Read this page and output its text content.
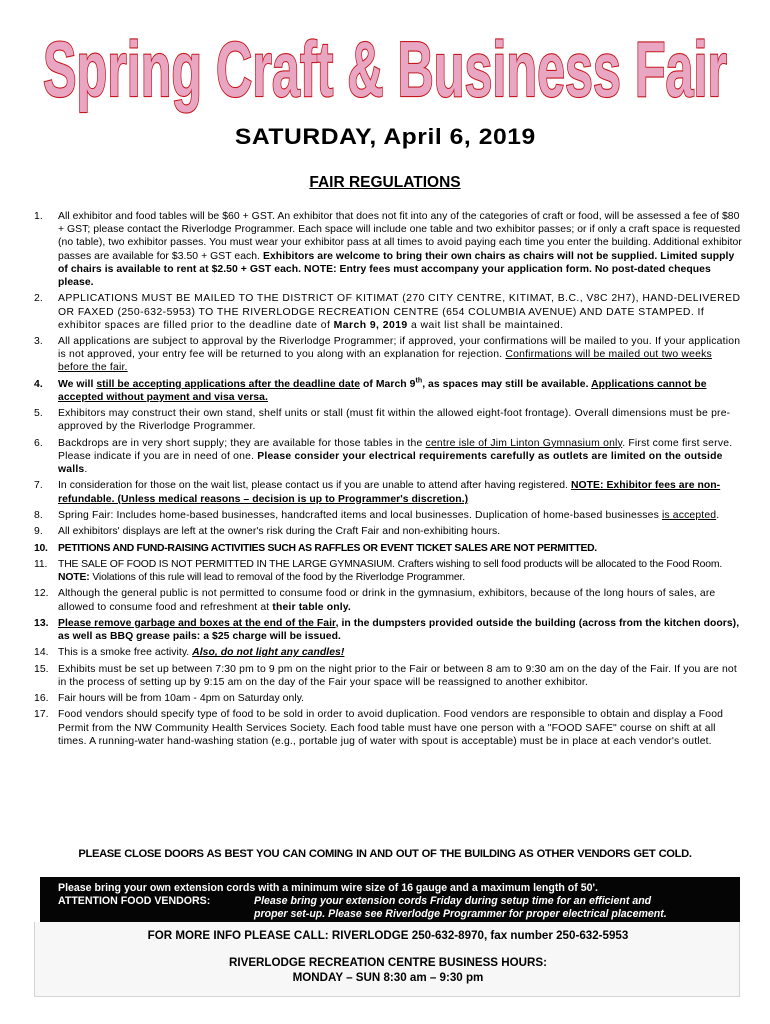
Spring Craft & Business Fair
SATURDAY, April 6, 2019
FAIR REGULATIONS
1.	All exhibitor and food tables will be $60 + GST. An exhibitor that does not fit into any of the categories of craft or food, will be assessed a fee of $80 + GST; please contact the Riverlodge Programmer. Each space will include one table and two exhibitor passes; or if only a craft space is requested (no table), two exhibitor passes. You must wear your exhibitor pass at all times to avoid paying each time you enter the building. Additional exhibitor passes are available for $3.50 + GST each. Exhibitors are welcome to bring their own chairs as chairs will not be supplied. Limited supply of chairs is available to rent at $2.50 + GST each. NOTE: Entry fees must accompany your application form. No post-dated cheques please.
2.	APPLICATIONS MUST BE MAILED TO THE DISTRICT OF KITIMAT (270 CITY CENTRE, KITIMAT, B.C., V8C 2H7), HAND-DELIVERED OR FAXED (250-632-5953) TO THE RIVERLODGE RECREATION CENTRE (654 COLUMBIA AVENUE) AND DATE STAMPED. If exhibitor spaces are filled prior to the deadline date of March 9, 2019 a wait list shall be maintained.
3.	All applications are subject to approval by the Riverlodge Programmer; if approved, your confirmations will be mailed to you. If your application is not approved, your entry fee will be returned to you along with an explanation for rejection. Confirmations will be mailed out two weeks before the fair.
4.	We will still be accepting applications after the deadline date of March 9th, as spaces may still be available. Applications cannot be accepted without payment and visa versa.
5.	Exhibitors may construct their own stand, shelf units or stall (must fit within the allowed eight-foot frontage). Overall dimensions must be pre-approved by the Riverlodge Programmer.
6.	Backdrops are in very short supply; they are available for those tables in the centre isle of Jim Linton Gymnasium only. First come first serve. Please indicate if you are in need of one. Please consider your electrical requirements carefully as outlets are limited on the outside walls.
7.	In consideration for those on the wait list, please contact us if you are unable to attend after having registered. NOTE: Exhibitor fees are non-refundable. (Unless medical reasons – decision is up to Programmer's discretion.)
8.	Spring Fair: Includes home-based businesses, handcrafted items and local businesses. Duplication of home-based businesses is accepted.
9.	All exhibitors' displays are left at the owner's risk during the Craft Fair and non-exhibiting hours.
10.	PETITIONS AND FUND-RAISING ACTIVITIES SUCH AS RAFFLES OR EVENT TICKET SALES ARE NOT PERMITTED.
11.	THE SALE OF FOOD IS NOT PERMITTED IN THE LARGE GYMNASIUM. Crafters wishing to sell food products will be allocated to the Food Room. NOTE: Violations of this rule will lead to removal of the food by the Riverlodge Programmer.
12. Although the general public is not permitted to consume food or drink in the gymnasium, exhibitors, because of the long hours of sales, are allowed to consume food and refreshment at their table only.
13. Please remove garbage and boxes at the end of the Fair, in the dumpsters provided outside the building (across from the kitchen doors), as well as BBQ grease pails: a $25 charge will be issued.
14. This is a smoke free activity. Also, do not light any candles!
15. Exhibits must be set up between 7:30 pm to 9 pm on the night prior to the Fair or between 8 am to 9:30 am on the day of the Fair. If you are not in the process of setting up by 9:15 am on the day of the Fair your space will be reassigned to another exhibitor.
16. Fair hours will be from 10am - 4pm on Saturday only.
17. Food vendors should specify type of food to be sold in order to avoid duplication. Food vendors are responsible to obtain and display a Food Permit from the NW Community Health Services Society. Each food table must have one person with a "FOOD SAFE" course on shift at all times. A running-water hand-washing station (e.g., portable jug of water with spout is acceptable) must be in place at each vendor's outlet.
PLEASE CLOSE DOORS AS BEST YOU CAN COMING IN AND OUT OF THE BUILDING AS OTHER VENDORS GET COLD.
Please bring your own extension cords with a minimum wire size of 16 gauge and a maximum length of 50'.
ATTENTION FOOD VENDORS:	Please bring your extension cords Friday during setup time for an efficient and
proper set-up. Please see Riverlodge Programmer for proper electrical placement.
FOR MORE INFO PLEASE CALL: RIVERLODGE 250-632-8970, fax number 250-632-5953
RIVERLODGE RECREATION CENTRE BUSINESS HOURS:
MONDAY – SUN 8:30 am – 9:30 pm
